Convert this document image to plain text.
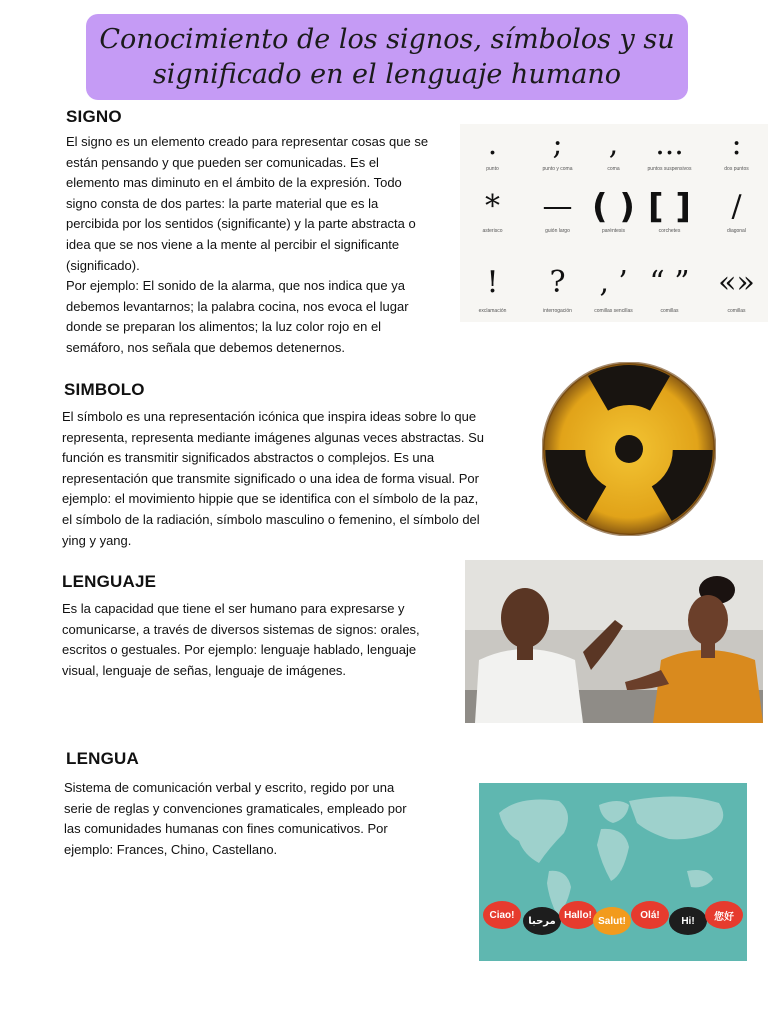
Conocimiento de los signos, símbolos y su significado en el lenguaje humano
SIGNO
El signo es un elemento creado para representar cosas que se
están pensando y que pueden ser comunicadas. Es el
elemento mas diminuto en el ámbito de la expresión. Todo
signo consta de dos partes: la parte material que es la
percibida por los sentidos (significante) y la parte abstracta o
idea que se nos viene a la mente al percibir el significante
(significado).
Por ejemplo: El sonido de la alarma, que nos indica que ya
debemos levantarnos; la palabra cocina, nos evoca el lugar
donde se preparan los alimentos; la luz color rojo en el
semáforo, nos señala que debemos detenernos.
.
punto
;
punto y coma
,
coma
...
puntos suspensivos
:
dos puntos
*
asterisco
—
guión largo
( )
paréntesis
[ ]
corchetes
/
diagonal
!
exclamación
?
interrogación
‚ ’
comillas sencillas
“ ”
comillas
«»
comillas
SIMBOLO
El símbolo es una representación icónica que inspira ideas sobre lo que
representa, representa mediante imágenes algunas veces abstractas. Su
función es transmitir significados abstractos o complejos. Es una
representación que transmite significado o una idea de forma visual. Por
ejemplo: el movimiento hippie que se identifica con el símbolo de la paz,
el símbolo de la radiación, símbolo masculino o femenino, el símbolo del
ying y yang.
LENGUAJE
Es la capacidad que tiene el ser humano para expresarse y
comunicarse, a través de diversos sistemas de signos: orales,
escritos o gestuales. Por ejemplo: lenguaje hablado, lenguaje
visual, lenguaje de señas, lenguaje de imágenes.
LENGUA
Sistema de comunicación verbal y escrito, regido por una
serie de reglas y convenciones gramaticales, empleado por
las comunidades humanas con fines comunicativos. Por
ejemplo: Frances, Chino, Castellano.
Ciao!
مرحبا
Hallo!
Salut!
Olá!
Hi!	您好
